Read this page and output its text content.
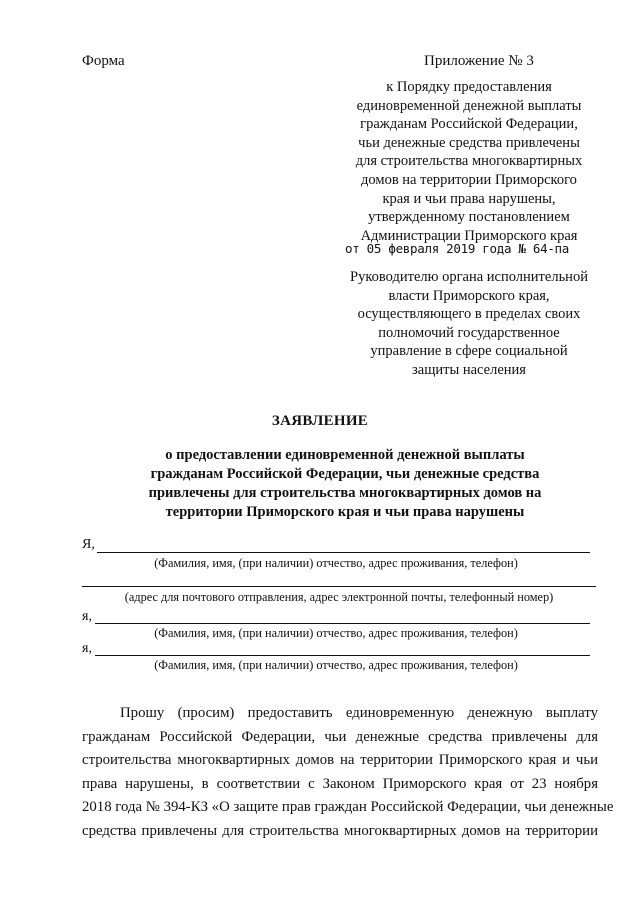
Форма	Приложение № 3
к Порядку предоставления
единовременной денежной выплаты
гражданам Российской Федерации,
чьи денежные средства привлечены
для строительства многоквартирных
домов на территории Приморского
края и чьи права нарушены,
утвержденному постановлением
Администрации Приморского края
от 05 февраля 2019 года № 64-па
Руководителю органа исполнительной
власти Приморского края,
осуществляющего в пределах своих
полномочий государственное
управление в сфере социальной
защиты населения
ЗАЯВЛЕНИЕ
о предоставлении единовременной денежной выплаты
гражданам Российской Федерации, чьи денежные средства
привлечены для строительства многоквартирных домов на
территории Приморского края и чьи права нарушены
Я,
(Фамилия, имя, (при наличии) отчество, адрес проживания, телефон)
(адрес для почтового отправления, адрес электронной почты, телефонный номер)
я,
(Фамилия, имя, (при наличии) отчество, адрес проживания, телефон)
я,
(Фамилия, имя, (при наличии) отчество, адрес проживания, телефон)
Прошу (просим) предоставить единовременную денежную выплату
гражданам Российской Федерации, чьи денежные средства привлечены для
строительства многоквартирных домов на территории Приморского края и чьи
права нарушены, в соответствии с Законом Приморского края от 23 ноября
2018 года № 394-КЗ «О защите прав граждан Российской Федерации, чьи денежные
средства привлечены для строительства многоквартирных домов на территории
